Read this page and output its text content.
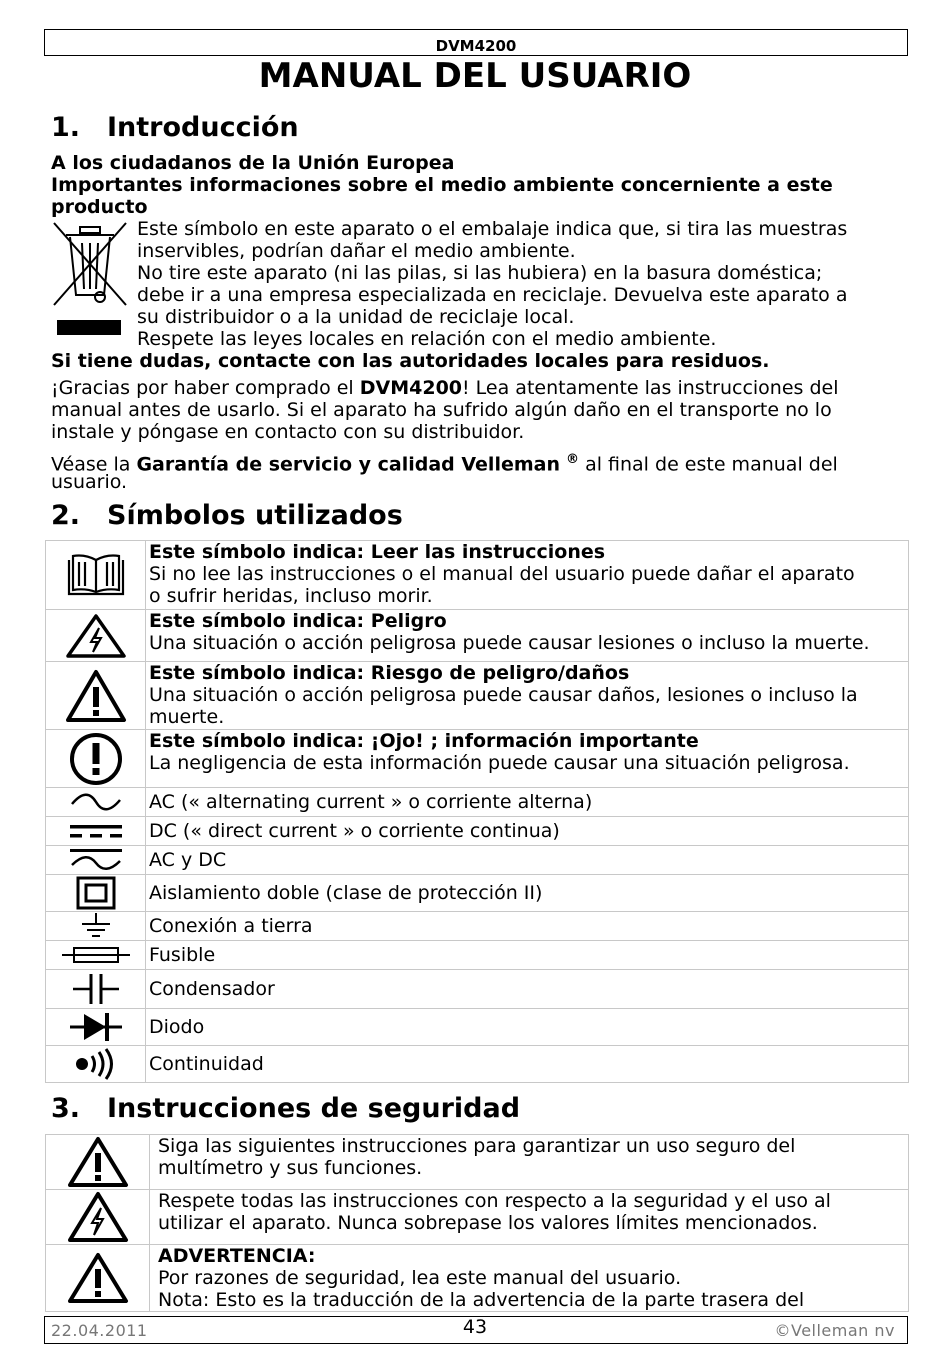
DVM4200
MANUAL DEL USUARIO
1. Introducción
A los ciudadanos de la Unión Europea
Importantes informaciones sobre el medio ambiente concerniente a este
producto
Este símbolo en este aparato o el embalaje indica que, si tira las muestras
inservibles, podrían dañar el medio ambiente.
No tire este aparato (ni las pilas, si las hubiera) en la basura doméstica;
debe ir a una empresa especializada en reciclaje. Devuelva este aparato a
su distribuidor o a la unidad de reciclaje local.
Respete las leyes locales en relación con el medio ambiente.
Si tiene dudas, contacte con las autoridades locales para residuos.
¡Gracias por haber comprado el DVM4200! Lea atentamente las instrucciones del
manual antes de usarlo. Si el aparato ha sufrido algún daño en el transporte no lo
instale y póngase en contacto con su distribuidor.
Véase la Garantía de servicio y calidad Velleman ® al final de este manual del
usuario.
2. Símbolos utilizados

Este símbolo indica: Leer las instrucciones
Si no lee las instrucciones o el manual del usuario puede dañar el aparato
o sufrir heridas, incluso morir.

Este símbolo indica: Peligro
Una situación o acción peligrosa puede causar lesiones o incluso la muerte.

Este símbolo indica: Riesgo de peligro/daños
Una situación o acción peligrosa puede causar daños, lesiones o incluso la
muerte.

Este símbolo indica: ¡Ojo! ; información importante
La negligencia de esta información puede causar una situación peligrosa.

AC (« alternating current » o corriente alterna)

DC (« direct current » o corriente continua)

AC y DC

Aislamiento doble (clase de protección II)

Conexión a tierra

Fusible

Condensador

Diodo

Continuidad
3. Instrucciones de seguridad

Siga las siguientes instrucciones para garantizar un uso seguro del
multímetro y sus funciones.

Respete todas las instrucciones con respecto a la seguridad y el uso al
utilizar el aparato. Nunca sobrepase los valores límites mencionados.

ADVERTENCIA:
Por razones de seguridad, lea este manual del usuario.
Nota: Esto es la traducción de la advertencia de la parte trasera del
22.04.2011	43	©Velleman nv
